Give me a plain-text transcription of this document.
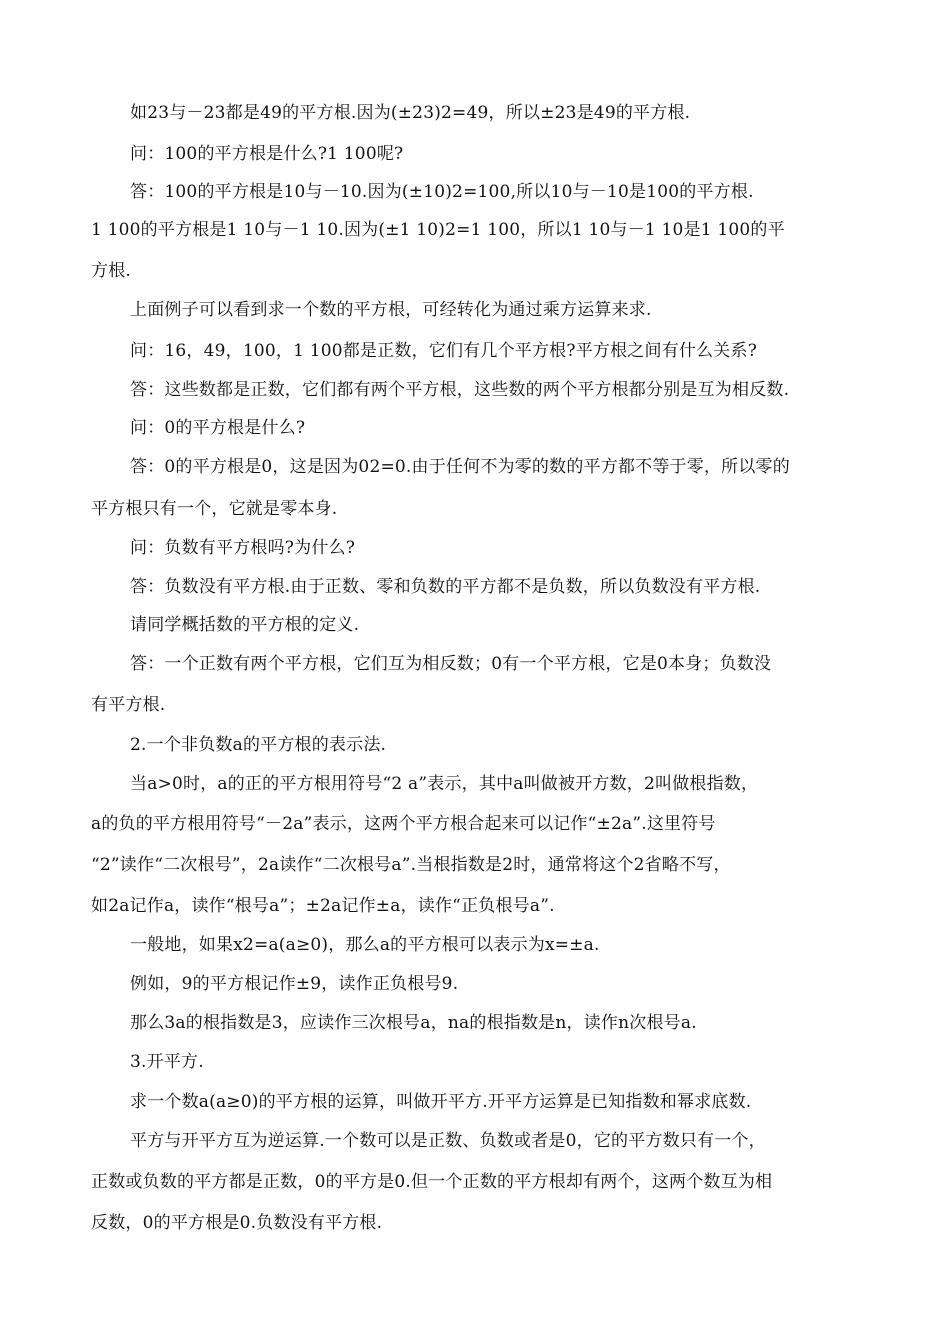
如23与－23都是49的平方根.因为(±23)2=49，所以±23是49的平方根.
问：100的平方根是什么?1 100呢?
答：100的平方根是10与－10.因为(±10)2=100,所以10与－10是100的平方根.
1 100的平方根是1 10与－1 10.因为(±1 10)2=1 100，所以1 10与－1 10是1 100的平
方根.
上面例子可以看到求一个数的平方根，可经转化为通过乘方运算来求.
问：16，49，100，1 100都是正数，它们有几个平方根?平方根之间有什么关系?
答：这些数都是正数，它们都有两个平方根，这些数的两个平方根都分别是互为相反数.
问：0的平方根是什么?
答：0的平方根是0，这是因为02=0.由于任何不为零的数的平方都不等于零，所以零的
平方根只有一个，它就是零本身.
问：负数有平方根吗?为什么?
答：负数没有平方根.由于正数、零和负数的平方都不是负数，所以负数没有平方根.
请同学概括数的平方根的定义.
答：一个正数有两个平方根，它们互为相反数；0有一个平方根，它是0本身；负数没
有平方根.
2.一个非负数a的平方根的表示法.
当a>0时，a的正的平方根用符号“2 a”表示，其中a叫做被开方数，2叫做根指数，
a的负的平方根用符号“－2a”表示，这两个平方根合起来可以记作“±2a”.这里符号
“2”读作“二次根号”，2a读作“二次根号a”.当根指数是2时，通常将这个2省略不写，
如2a记作a，读作“根号a”；±2a记作±a，读作“正负根号a”.
一般地，如果x2=a(a≥0)，那么a的平方根可以表示为x=±a.
例如，9的平方根记作±9，读作正负根号9.
那么3a的根指数是3，应读作三次根号a，na的根指数是n，读作n次根号a.
3.开平方.
求一个数a(a≥0)的平方根的运算，叫做开平方.开平方运算是已知指数和幂求底数.
平方与开平方互为逆运算.一个数可以是正数、负数或者是0，它的平方数只有一个，
正数或负数的平方都是正数，0的平方是0.但一个正数的平方根却有两个，这两个数互为相
反数，0的平方根是0.负数没有平方根.
